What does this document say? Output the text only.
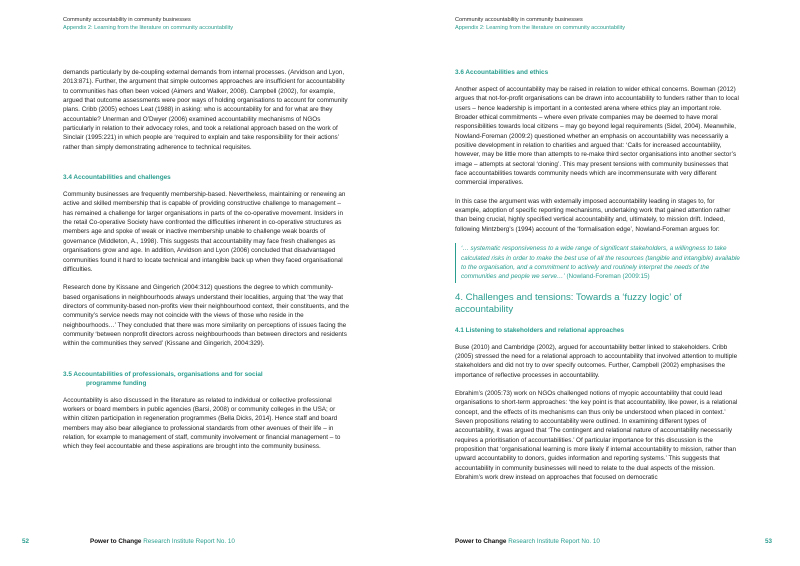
Community accountability in community businesses
Appendix 2: Learning from the literature on community accountability

demands particularly by de-coupling external demands from internal processes. (Arvidson and Lyon, 2013:871). Further, the argument that simple outcomes approaches are insufficient for accountability to communities has often been voiced (Aimers and Walker, 2008). Campbell (2002), for example, argued that outcome assessments were poor ways of holding organisations to account for community plans. Cribb (2005) echoes Leat (1988) in asking: who is accountability for and for what are they accountable? Unerman and O’Dwyer (2006) examined accountability mechanisms of NGOs particularly in relation to their advocacy roles, and took a relational approach based on the work of Sinclair (1995:221) in which people are ‘required to explain and take responsibility for their actions’ rather than simply demonstrating adherence to technical requisites.

3.4 Accountabilities and challenges

Community businesses are frequently membership-based. Nevertheless, maintaining or renewing an active and skilled membership that is capable of providing constructive challenge to management – has remained a challenge for larger organisations in parts of the co-operative movement. Insiders in the retail Co-operative Society have confronted the difficulties inherent in co-operative structures as members age and spoke of weak or inactive membership unable to challenge weak boards of governance (Middleton, A., 1998). This suggests that accountability may face fresh challenges as organisations grow and age. In addition, Arvidson and Lyon (2006) concluded that disadvantaged communities found it hard to locate technical and intangible back up when they faced organisational difficulties.

Research done by Kissane and Gingerich (2004:312) questions the degree to which community-based organisations in neighbourhoods always understand their localities, arguing that ‘the way that directors of community-based non-profits view their neighbourhood context, their constituents, and the community’s service needs may not coincide with the views of those who reside in the neighbourhoods…’ They concluded that there was more similarity on perceptions of issues facing the community ‘between nonprofit directors across neighbourhoods than between directors and residents within the communities they served’ (Kissane and Gingerich, 2004:329).

3.5 Accountabilities of professionals, organisations and for social
programme funding

Accountability is also discussed in the literature as related to individual or collective professional workers or board members in public agencies (Barsi, 2008) or community colleges in the USA; or within citizen participation in regeneration programmes (Bella Dicks, 2014). Hence staff and board members may also bear allegiance to professional standards from other avenues of their life – in relation, for example to management of staff, community involvement or financial management – to which they feel accountable and these aspirations are brought into the community business.

52	Power to Change Research Institute Report No. 10
Community accountability in community businesses
Appendix 2: Learning from the literature on community accountability
3.6 Accountabilities and ethics

Another aspect of accountability may be raised in relation to wider ethical concerns. Bowman (2012) argues that not-for-profit organisations can be drawn into accountability to funders rather than to local users – hence leadership is important in a contested arena where ethics play an important role. Broader ethical commitments – where even private companies may be deemed to have moral responsibilities towards local citizens – may go beyond legal requirements (Sidel, 2004). Meanwhile, Nowland-Foreman (2009:2) questioned whether an emphasis on accountability was necessarily a positive development in relation to charities and argued that: ‘Calls for increased accountability, however, may be little more than attempts to re-make third sector organisations into another sector’s image – attempts at sectoral ‘cloning’. This may present tensions with community businesses that face accountabilities towards community needs which are incommensurate with very different commercial imperatives.

In this case the argument was with externally imposed accountability leading in stages to, for example, adoption of specific reporting mechanisms, undertaking work that gained attention rather than being crucial, highly specified vertical accountability and, ultimately, to mission drift. Indeed, following Mintzberg’s (1994) account of the ‘formalisation edge’, Nowland-Foreman argues for:

‘… systematic responsiveness to a wide range of significant stakeholders, a willingness to take calculated risks in order to make the best use of all the resources (tangible and intangible) available to the organisation, and a commitment to actively and routinely interpret the needs of the communities and people we serve…’ (Nowland-Foreman (2009:15)
4. Challenges and tensions: Towards a ‘fuzzy logic’ of accountability
4.1 Listening to stakeholders and relational approaches

Buse (2010) and Cambridge (2002), argued for accountability better linked to stakeholders. Cribb (2005) stressed the need for a relational approach to accountability that involved attention to multiple stakeholders and did not try to over specify outcomes. Further, Campbell (2002) emphasises the importance of reflective processes in accountability.

Ebrahim’s (2005:73) work on NGOs challenged notions of myopic accountability that could lead organisations to short-term approaches: ‘the key point is that accountability, like power, is a relational concept, and the effects of its mechanisms can thus only be understood when placed in context.’ Seven propositions relating to accountability were outlined. In examining different types of accountability, it was argued that ‘The contingent and relational nature of accountability necessarily requires a prioritisation of accountabilities.’ Of particular importance for this discussion is the proposition that ‘organisational learning is more likely if internal accountability to mission, rather than upward accountability to donors, guides information and reporting systems.’ This suggests that accountability in community businesses will need to relate to the dual aspects of the mission. Ebrahim’s work drew instead on approaches that focused on democratic

Power to Change Research Institute Report No. 10	53
